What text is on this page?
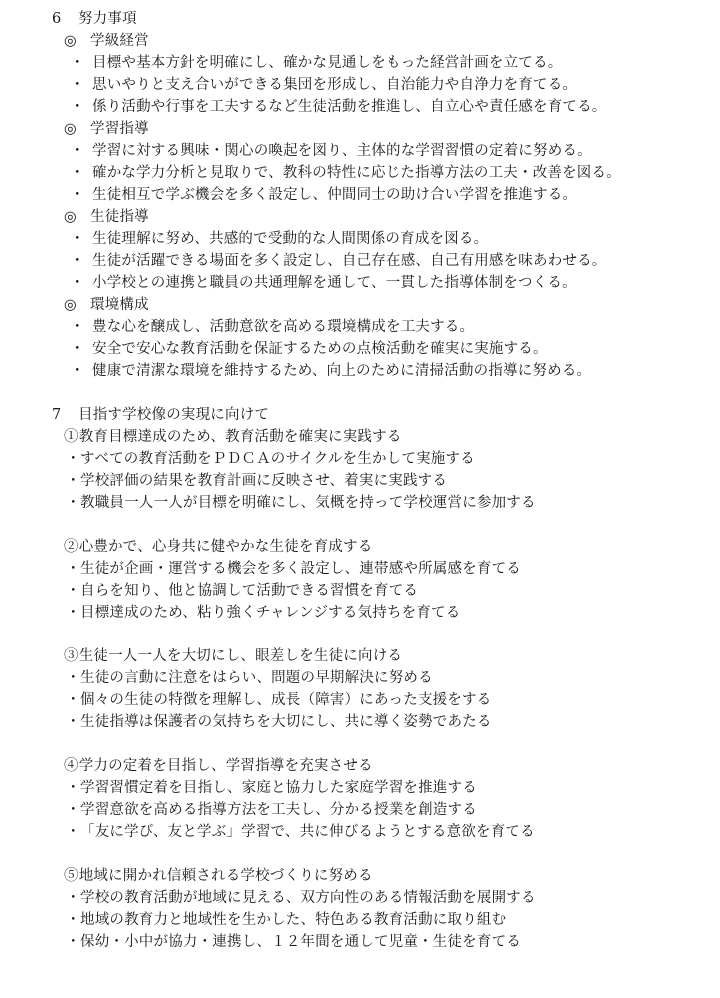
6 努力事項
◎ 学級経営
・ 目標や基本方針を明確にし、確かな見通しをもった経営計画を立てる。
・ 思いやりと支え合いができる集団を形成し、自治能力や自浄力を育てる。
・ 係り活動や行事を工夫するなど生徒活動を推進し、自立心や責任感を育てる。
◎ 学習指導
・ 学習に対する興味・関心の喚起を図り、主体的な学習習慣の定着に努める。
・ 確かな学力分析と見取りで、教科の特性に応じた指導方法の工夫・改善を図る。
・ 生徒相互で学ぶ機会を多く設定し、仲間同士の助け合い学習を推進する。
◎ 生徒指導
・ 生徒理解に努め、共感的で受動的な人間関係の育成を図る。
・ 生徒が活躍できる場面を多く設定し、自己存在感、自己有用感を味あわせる。
・ 小学校との連携と職員の共通理解を通して、一貫した指導体制をつくる。
◎ 環境構成
・ 豊な心を醸成し、活動意欲を高める環境構成を工夫する。
・ 安全で安心な教育活動を保証するための点検活動を確実に実施する。
・ 健康で清潔な環境を維持するため、向上のために清掃活動の指導に努める。
7 目指す学校像の実現に向けて
①教育目標達成のため、教育活動を確実に実践する
・すべての教育活動をＰＤＣＡのサイクルを生かして実施する
・学校評価の結果を教育計画に反映させ、着実に実践する
・教職員一人一人が目標を明確にし、気概を持って学校運営に参加する
②心豊かで、心身共に健やかな生徒を育成する
・生徒が企画・運営する機会を多く設定し、連帯感や所属感を育てる
・自らを知り、他と協調して活動できる習慣を育てる
・目標達成のため、粘り強くチャレンジする気持ちを育てる
③生徒一人一人を大切にし、眼差しを生徒に向ける
・生徒の言動に注意をはらい、問題の早期解決に努める
・個々の生徒の特徴を理解し、成長（障害）にあった支援をする
・生徒指導は保護者の気持ちを大切にし、共に導く姿勢であたる
④学力の定着を目指し、学習指導を充実させる
・学習習慣定着を目指し、家庭と協力した家庭学習を推進する
・学習意欲を高める指導方法を工夫し、分かる授業を創造する
・「友に学び、友と学ぶ」学習で、共に伸びるようとする意欲を育てる
⑤地域に開かれ信頼される学校づくりに努める
・学校の教育活動が地域に見える、双方向性のある情報活動を展開する
・地域の教育力と地域性を生かした、特色ある教育活動に取り組む
・保幼・小中が協力・連携し、１２年間を通して児童・生徒を育てる
